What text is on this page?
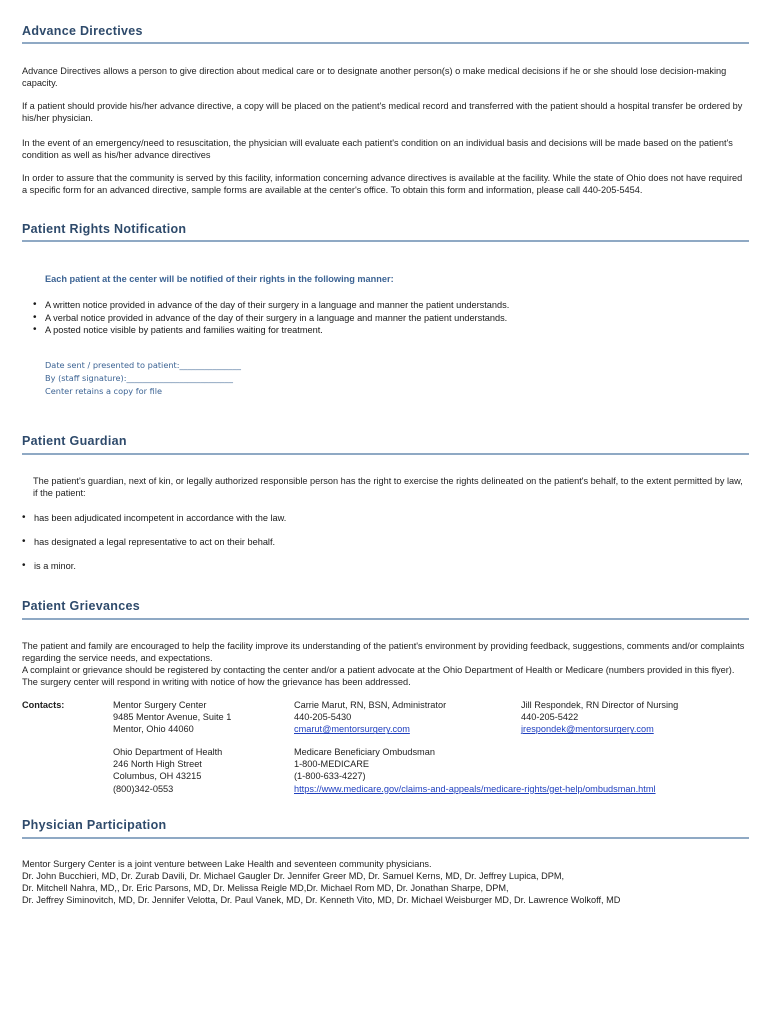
Advance Directives

Advance Directives allows a person to give direction about medical care or to designate another person(s) o make medical decisions if he or she should lose decision-making capacity.

If a patient should provide his/her advance directive, a copy will be placed on the patient's medical record and transferred with the patient should a hospital transfer be ordered by his/her physician.

In the event of an emergency/need to resuscitation, the physician will evaluate each patient's condition on an individual basis and decisions will be made based on the patient's condition as well as his/her advance directives

In order to assure that the community is served by this facility, information concerning advance directives is available at the facility. While the state of Ohio does not have required a specific form for an advanced directive, sample forms are available at the center's office. To obtain this form and information, please call 440-205-5454.

Patient Rights Notification
Each patient at the center will be notified of their rights in the following manner:
• A written notice provided in advance of the day of their surgery in a language and manner the patient understands.
• A verbal notice provided in advance of the day of their surgery in a language and manner the patient understands.
• A posted notice visible by patients and families waiting for treatment.
Date sent / presented to patient:_______________
By (staff signature):__________________________
Center retains a copy for file
Patient Guardian

The patient's guardian, next of kin, or legally authorized responsible person has the right to exercise the rights delineated on the patient's behalf, to the extent permitted by law, if the patient:

• has been adjudicated incompetent in accordance with the law.
• has designated a legal representative to act on their behalf.
• is a minor.
Patient Grievances

The patient and family are encouraged to help the facility improve its understanding of the patient's environment by providing feedback, suggestions, comments and/or complaints regarding the service needs, and expectations.

A complaint or grievance should be registered by contacting the center and/or a patient advocate at the Ohio Department of Health or Medicare (numbers provided in this flyer). The surgery center will respond in writing with notice of how the grievance has been addressed.

Contacts:	Mentor Surgery Center
9485 Mentor Avenue, Suite 1
Mentor, Ohio 44060
Carrie Marut, RN, BSN, Administrator
440-205-5430
cmarut@mentorsurgery.com
Jill Respondek, RN Director of Nursing
440-205-5422
jrespondek@mentorsurgery.com
Ohio Department of Health
246 North High Street
Columbus, OH 43215
(800)342-0553
Medicare Beneficiary Ombudsman
1-800-MEDICARE
(1-800-633-4227)
https://www.medicare.gov/claims-and-appeals/medicare-rights/get-help/ombudsman.html
Physician Participation
Mentor Surgery Center is a joint venture between Lake Health and seventeen community physicians.
Dr. John Bucchieri, MD, Dr. Zurab Davili, Dr. Michael Gaugler Dr. Jennifer Greer MD, Dr. Samuel Kerns, MD, Dr. Jeffrey Lupica, DPM,
Dr. Mitchell Nahra, MD,, Dr. Eric Parsons, MD, Dr. Melissa Reigle MD,Dr. Michael Rom MD, Dr. Jonathan Sharpe, DPM,
Dr. Jeffrey Siminovitch, MD, Dr. Jennifer Velotta, Dr. Paul Vanek, MD, Dr. Kenneth Vito, MD, Dr. Michael Weisburger MD, Dr. Lawrence Wolkoff, MD
